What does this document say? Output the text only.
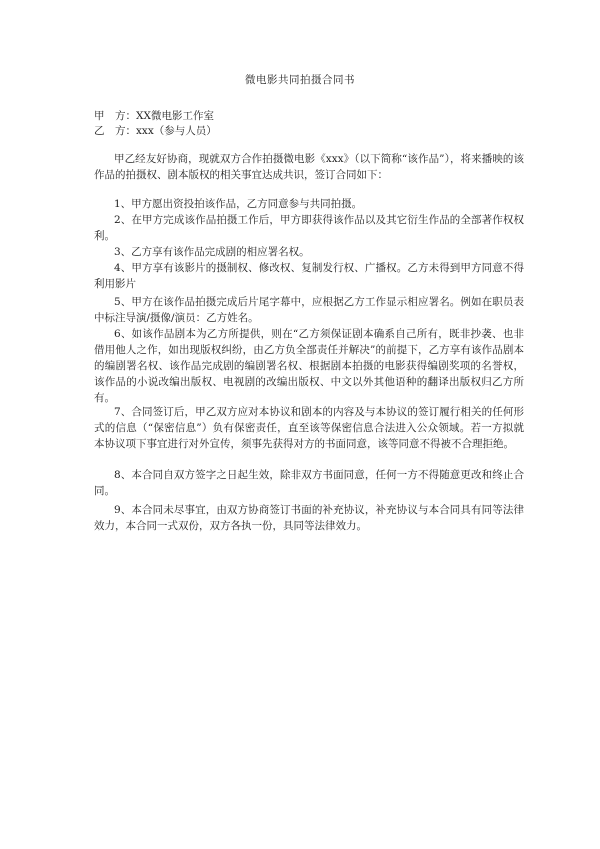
微电影共同拍摄合同书
甲　方：XX微电影工作室
乙　方：xxx（参与人员）
甲乙经友好协商，现就双方合作拍摄微电影《xxx》（以下简称“该作品”），将来播映的该作品的拍摄权、剧本版权的相关事宜达成共识，签订合同如下：
1、甲方愿出资投拍该作品，乙方同意参与共同拍摄。
2、在甲方完成该作品拍摄工作后，甲方即获得该作品以及其它衍生作品的全部著作权权利。
3、乙方享有该作品完成剧的相应署名权。
4、甲方享有该影片的摄制权、修改权、复制发行权、广播权。乙方未得到甲方同意不得利用影片
5、甲方在该作品拍摄完成后片尾字幕中，应根据乙方工作显示相应署名。例如在职员表中标注导演/摄像/演员：乙方姓名。
6、如该作品剧本为乙方所提供，则在“乙方须保证剧本确系自己所有，既非抄袭、也非借用他人之作，如出现版权纠纷，由乙方负全部责任并解决”的前提下，乙方享有该作品剧本的编剧署名权、该作品完成剧的编剧署名权、根据剧本拍摄的电影获得编剧奖项的名誉权，该作品的小说改编出版权、电视剧的改编出版权、中文以外其他语种的翻译出版权归乙方所有。
7、合同签订后，甲乙双方应对本协议和剧本的内容及与本协议的签订履行相关的任何形式的信息（“保密信息”）负有保密责任，直至该等保密信息合法进入公众领域。若一方拟就本协议项下事宜进行对外宣传，须事先获得对方的书面同意，该等同意不得被不合理拒绝。
8、本合同自双方签字之日起生效，除非双方书面同意，任何一方不得随意更改和终止合同。
9、本合同未尽事宜，由双方协商签订书面的补充协议，补充协议与本合同具有同等法律效力，本合同一式双份，双方各执一份，具同等法律效力。
